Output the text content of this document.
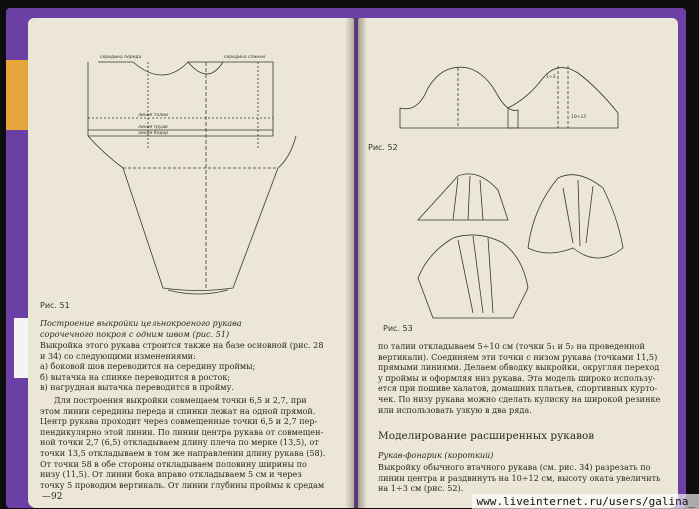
середина переда	середина спинки
линия талии
линия груди
линия бедер
Рис. 51
Построение выкройки цельнокроеного рукава
сорочечного покроя с одним швом (рис. 51)
Выкройка этого рукава строится также на базе основной (рис. 28
и 34) со следующими изменениями:
а) боковой шов переводится на середину проймы;
б) вытачка на спинке переводится в росток;
в) нагрудная вытачка переводится в пройму.
Для построения выкройки совмещаем точки 6,5 и 2,7, при
этом линии середины переда и спинки лежат на одной прямой.
Центр рукава проходит через совмещенные точки 6,5 и 2,7 пер-
пендикулярно этой линии. По линии центра рукава от совмещен-
ной точки 2,7 (6,5) откладываем длину плеча по мерке (13,5), от
точки 13,5 откладываем в том же направлении длину рукава (58).
От точки 58 в обе стороны откладываем половину ширины по
низу (11,5). От линии бока вправо откладываем 5 см и через
точку 5 проводим вертикаль. От линии глубины проймы к средам
—92
10÷12
1÷3
Рис. 52
Рис. 53
по талии откладываем 5÷10 см (точки 5₁ и 5₂ на проведенной
вертикали). Соединяем эти точки с низом рукава (точками 11,5)
прямыми линиями. Делаем обводку выкройки, округляя переход
у проймы и оформляя низ рукава. Эта модель широко использу-
ется при пошиве халатов, домашних платьев, спортивных курто-
чек. По низу рукава можно сделать кулиску на широкой резинке
или использовать узкую в два ряда.
Моделирование расширенных рукавов
Рукав-фонарик (короткий)
Выкройку обычного втачного рукава (см. рис. 34) разрезать по
линии центра и раздвинуть на 10÷12 см, высоту оката увеличить
на 1÷3 см (рис. 52).
www.liveinternet.ru/users/galina_
